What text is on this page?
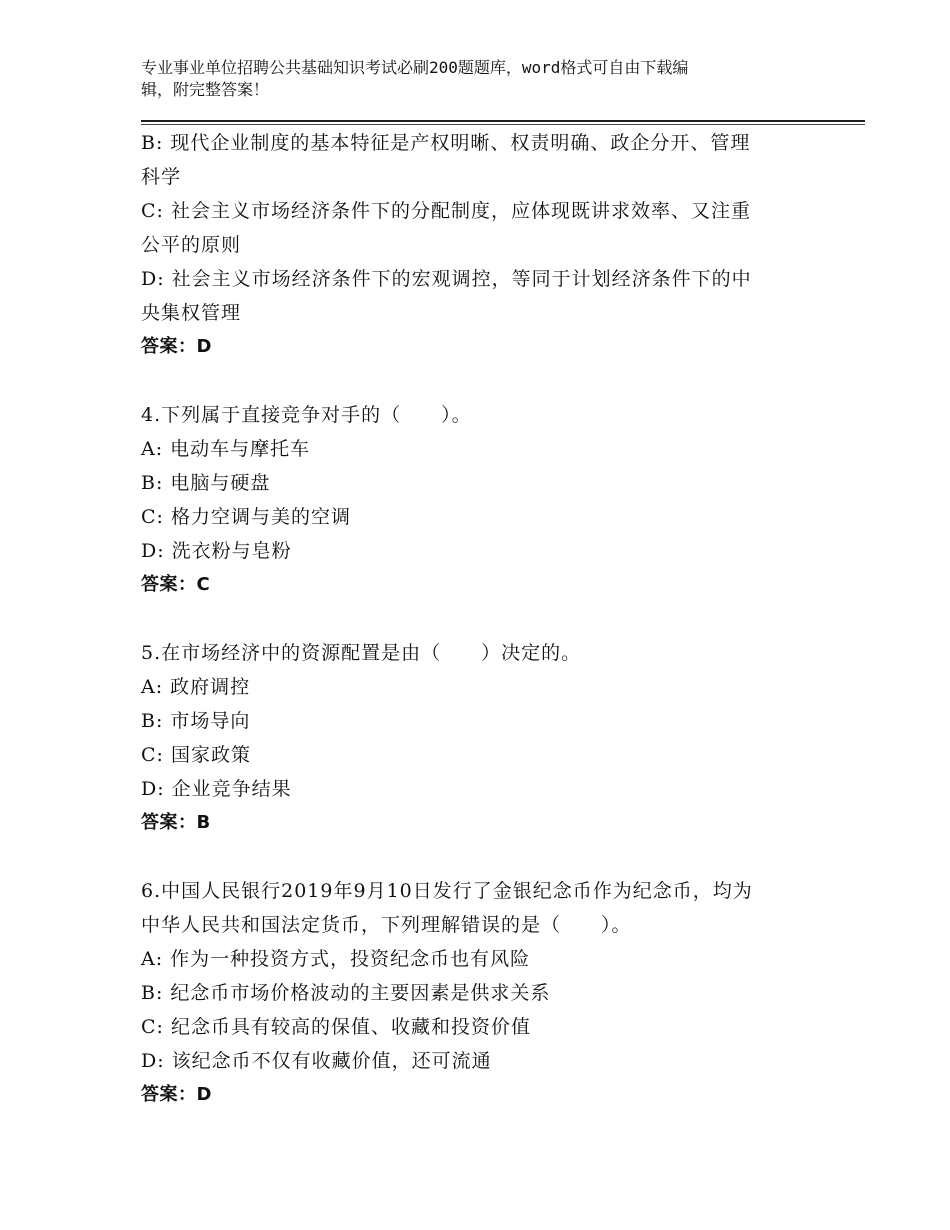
专业事业单位招聘公共基础知识考试必刷200题题库，word格式可自由下载编
辑，附完整答案！
B: 现代企业制度的基本特征是产权明晰、权责明确、政企分开、管理
科学
C: 社会主义市场经济条件下的分配制度，应体现既讲求效率、又注重
公平的原则
D: 社会主义市场经济条件下的宏观调控，等同于计划经济条件下的中
央集权管理
答案：D
4.下列属于直接竞争对手的（　　）。
A: 电动车与摩托车
B: 电脑与硬盘
C: 格力空调与美的空调
D: 洗衣粉与皂粉
答案：C
5.在市场经济中的资源配置是由（　　）决定的。
A: 政府调控
B: 市场导向
C: 国家政策
D: 企业竞争结果
答案：B
6.中国人民银行2019年9月10日发行了金银纪念币作为纪念币，均为
中华人民共和国法定货币，下列理解错误的是（　　）。
A: 作为一种投资方式，投资纪念币也有风险
B: 纪念币市场价格波动的主要因素是供求关系
C: 纪念币具有较高的保值、收藏和投资价值
D: 该纪念币不仅有收藏价值，还可流通
答案：D
